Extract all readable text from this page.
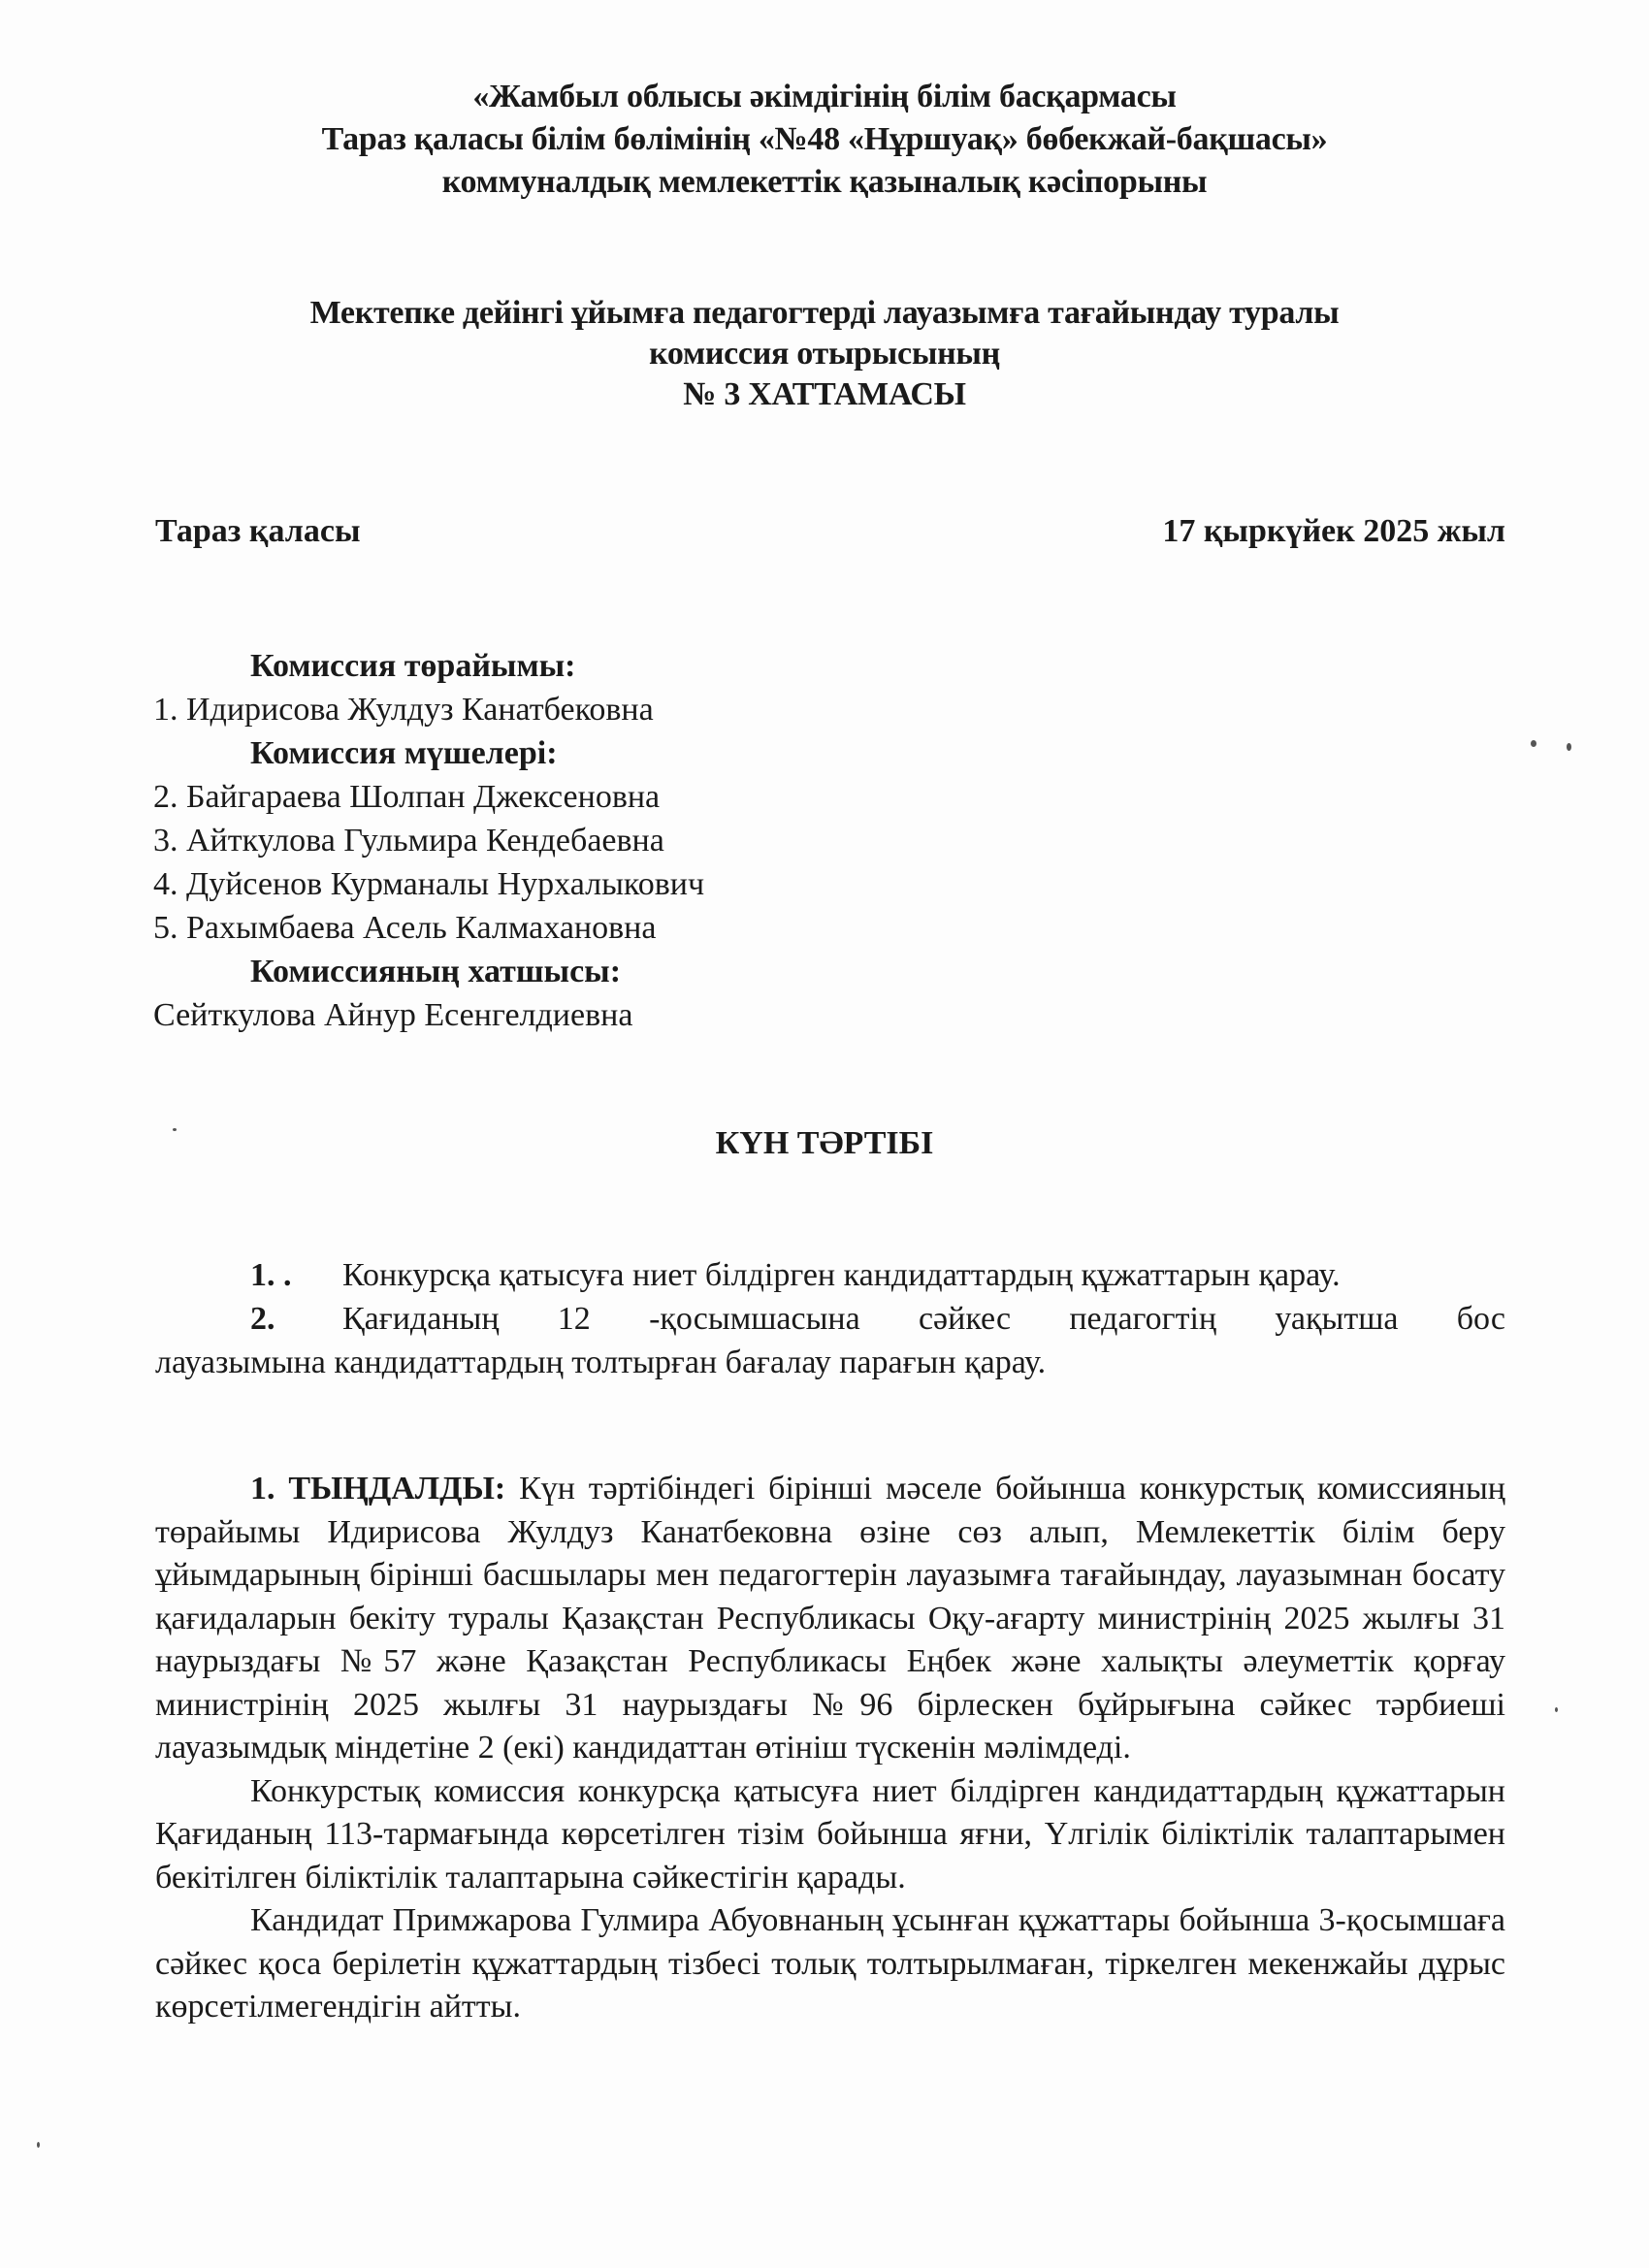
«Жамбыл облысы әкімдігінің білім басқармасы
Тараз қаласы білім бөлімінің «№48 «Нұршуақ» бөбекжай-бақшасы»
коммуналдық мемлекеттік қазыналық кәсіпорыны
Мектепке дейінгі ұйымға педагогтерді лауазымға тағайындау туралы
комиссия отырысының
№ 3 ХАТТАМАСЫ
Тараз қаласы	17 қыркүйек 2025 жыл
Комиссия төрайымы:
1. Идирисова Жулдуз Канатбековна
Комиссия мүшелері:
2. Байгараева Шолпан Джексеновна
3. Айткулова Гульмира Кендебаевна
4. Дуйсенов Курманалы Нурхалыкович
5. Рахымбаева Асель Калмахановна
Комиссияның хатшысы:
Сейткулова Айнур Есенгелдиевна
КҮН ТӘРТІБІ
1. .	Конкурсқа қатысуға ниет білдірген кандидаттардың құжаттарын қарау.
2.	Қағиданың 12 -қосымшасына сәйкес педагогтің уақытша бос
лауазымына кандидаттардың толтырған бағалау парағын қарау.

1. ТЫҢДАЛДЫ: Күн тәртібіндегі бірінші мәселе бойынша конкурстық комиссияның төрайымы Идирисова Жулдуз Канатбековна өзіне сөз алып, Мемлекеттік білім беру ұйымдарының бірінші басшылары мен педагогтерін лауазымға тағайындау, лауазымнан босату қағидаларын бекіту туралы Қазақстан Республикасы Оқу-ағарту министрінің 2025 жылғы 31 наурыздағы №57 және Қазақстан Республикасы Еңбек және халықты әлеуметтік қорғау министрінің 2025 жылғы 31 наурыздағы №96 бірлескен бұйрығына сәйкес тәрбиеші лауазымдық міндетіне 2 (екі) кандидаттан өтініш түскенін мәлімдеді.

Конкурстық комиссия конкурсқа қатысуға ниет білдірген кандидаттардың құжаттарын Қағиданың 113-тармағында көрсетілген тізім бойынша яғни, Үлгілік біліктілік талаптарымен бекітілген біліктілік талаптарына сәйкестігін қарады.

Кандидат Примжарова Гулмира Абуовнаның ұсынған құжаттары бойынша 3-қосымшаға сәйкес қоса берілетін құжаттардың тізбесі толық толтырылмаған, тіркелген мекенжайы дұрыс көрсетілмегендігін айтты.
